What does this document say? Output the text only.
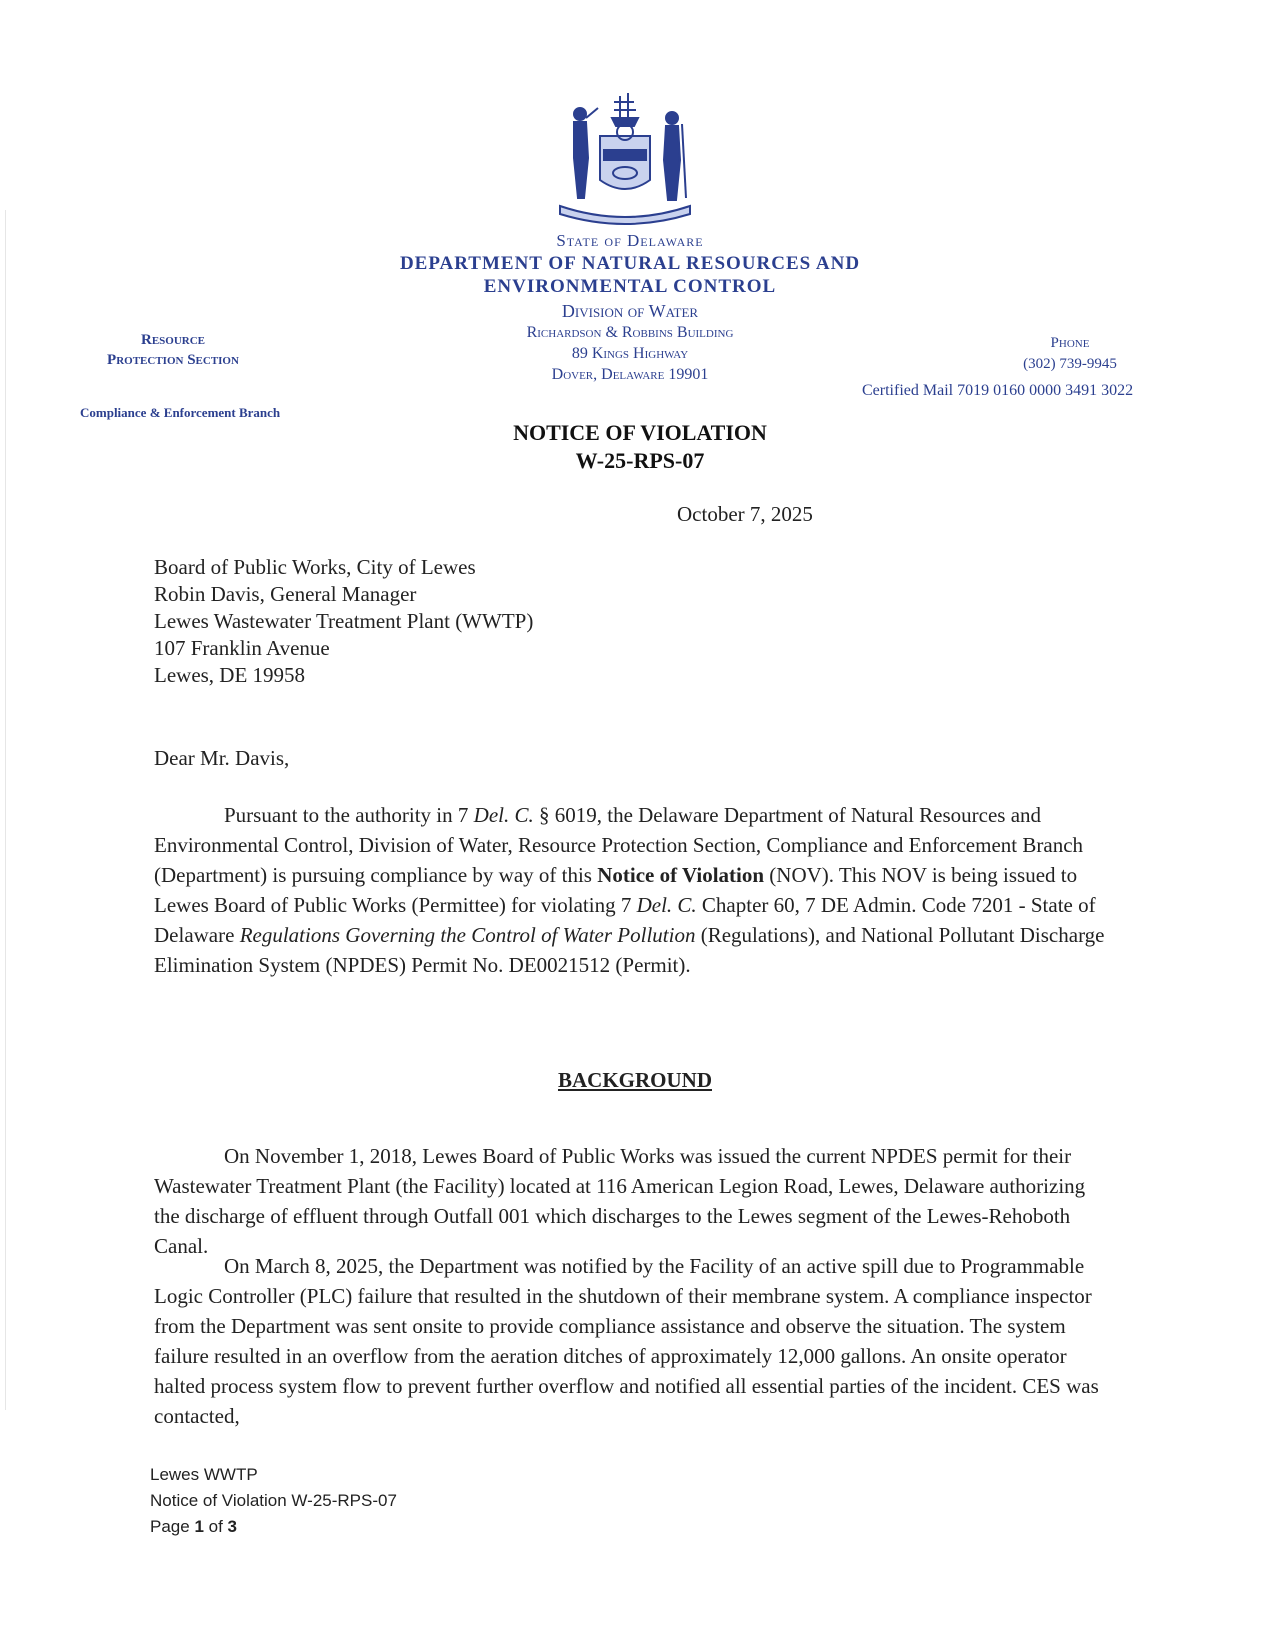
State of Delaware
DEPARTMENT OF NATURAL RESOURCES AND
ENVIRONMENTAL CONTROL
Division of Water
Richardson & Robbins Building
89 Kings Highway
Dover, Delaware 19901
Resource
Protection Section
Compliance & Enforcement Branch
Phone
(302) 739-9945
Certified Mail 7019 0160 0000 3491 3022
NOTICE OF VIOLATION
W-25-RPS-07
October 7, 2025
Board of Public Works, City of Lewes
Robin Davis, General Manager
Lewes Wastewater Treatment Plant (WWTP)
107 Franklin Avenue
Lewes, DE 19958
Dear Mr. Davis,
Pursuant to the authority in 7 Del. C. § 6019, the Delaware Department of Natural Resources and Environmental Control, Division of Water, Resource Protection Section, Compliance and Enforcement Branch (Department) is pursuing compliance by way of this Notice of Violation (NOV). This NOV is being issued to Lewes Board of Public Works (Permittee) for violating 7 Del. C. Chapter 60, 7 DE Admin. Code 7201 - State of Delaware Regulations Governing the Control of Water Pollution (Regulations), and National Pollutant Discharge Elimination System (NPDES) Permit No. DE0021512 (Permit).
BACKGROUND
On November 1, 2018, Lewes Board of Public Works was issued the current NPDES permit for their Wastewater Treatment Plant (the Facility) located at 116 American Legion Road, Lewes, Delaware authorizing the discharge of effluent through Outfall 001 which discharges to the Lewes segment of the Lewes-Rehoboth Canal.
On March 8, 2025, the Department was notified by the Facility of an active spill due to Programmable Logic Controller (PLC) failure that resulted in the shutdown of their membrane system. A compliance inspector from the Department was sent onsite to provide compliance assistance and observe the situation. The system failure resulted in an overflow from the aeration ditches of approximately 12,000 gallons. An onsite operator halted process system flow to prevent further overflow and notified all essential parties of the incident. CES was contacted,
Lewes WWTP
Notice of Violation W-25-RPS-07
Page 1 of 3
